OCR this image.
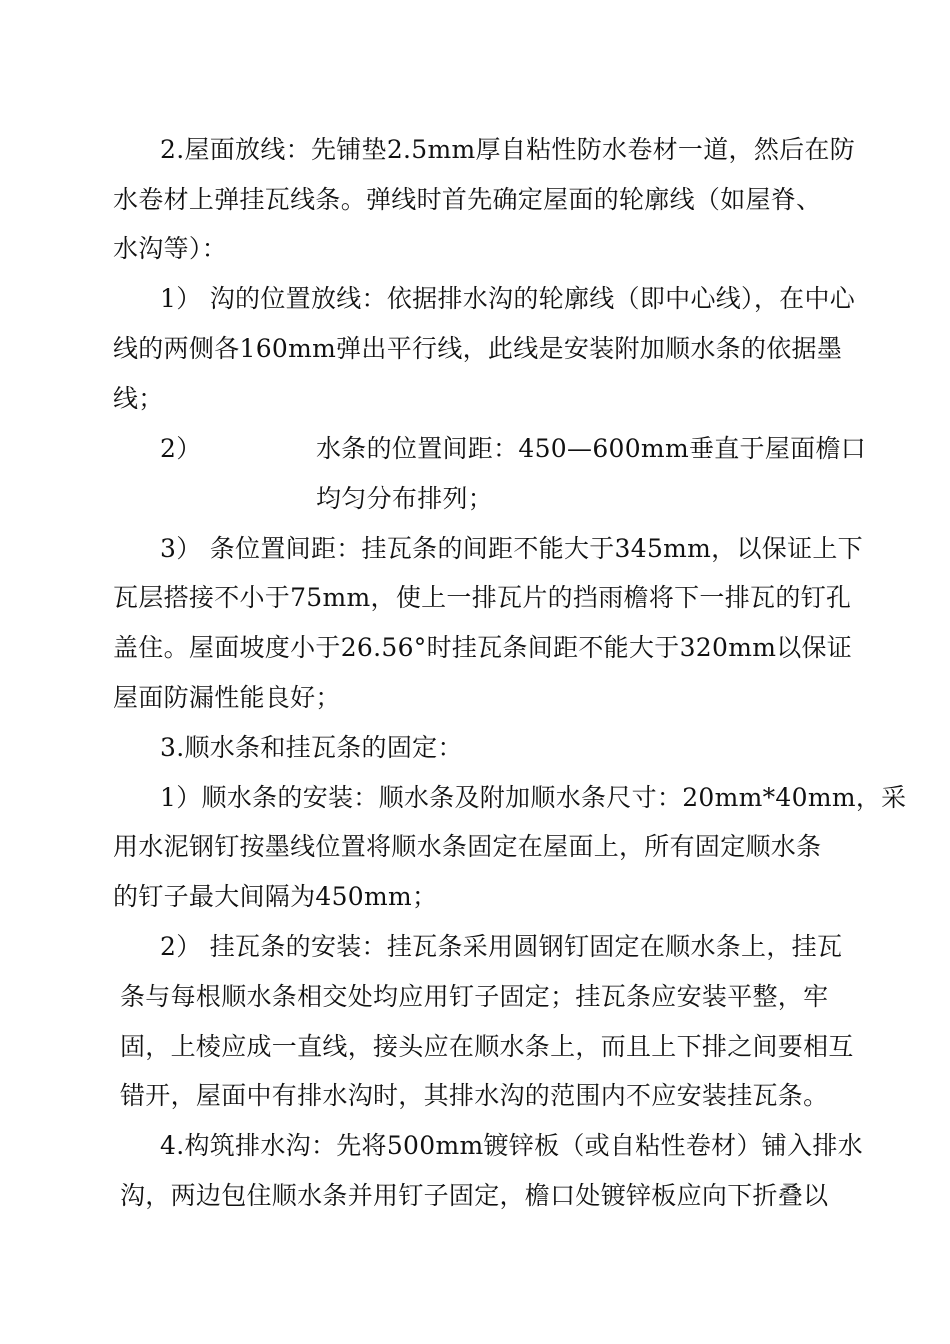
2.屋面放线：先铺垫2.5mm厚自粘性防水卷材一道，然后在防
水卷材上弹挂瓦线条。弹线时首先确定屋面的轮廓线（如屋脊、
水沟等）：
1） 沟的位置放线：依据排水沟的轮廓线（即中心线），在中心
线的两侧各160mm弹出平行线，此线是安装附加顺水条的依据墨
线；
2）	水条的位置间距：450—600mm垂直于屋面檐口
均匀分布排列；
3） 条位置间距：挂瓦条的间距不能大于345mm，以保证上下
瓦层搭接不小于75mm，使上一排瓦片的挡雨檐将下一排瓦的钉孔
盖住。屋面坡度小于26.56°时挂瓦条间距不能大于320mm以保证
屋面防漏性能良好；
3.顺水条和挂瓦条的固定：
1）顺水条的安装：顺水条及附加顺水条尺寸：20mm*40mm，采
用水泥钢钉按墨线位置将顺水条固定在屋面上，所有固定顺水条
的钉子最大间隔为450mm；
2） 挂瓦条的安装：挂瓦条采用圆钢钉固定在顺水条上，挂瓦
条与每根顺水条相交处均应用钉子固定；挂瓦条应安装平整，牢
固，上棱应成一直线，接头应在顺水条上，而且上下排之间要相互
错开，屋面中有排水沟时，其排水沟的范围内不应安装挂瓦条。
4.构筑排水沟：先将500mm镀锌板（或自粘性卷材）铺入排水
沟，两边包住顺水条并用钉子固定，檐口处镀锌板应向下折叠以
